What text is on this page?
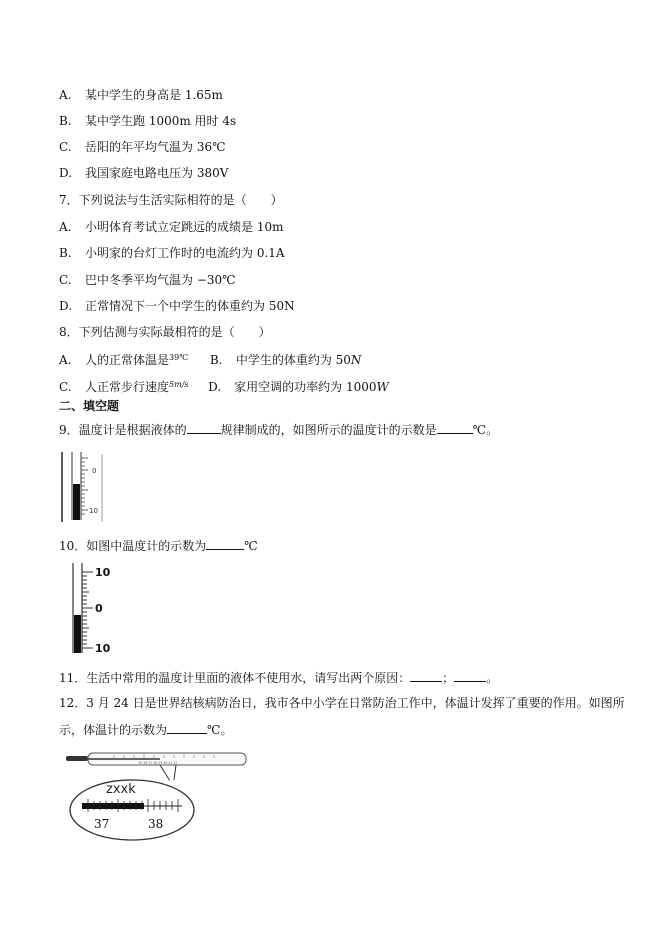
A. 某中学生的身高是 1.65m
B. 某中学生跑 1000m 用时 4s
C. 岳阳的年平均气温为 36℃
D. 我国家庭电路电压为 380V
7．下列说法与生活实际相符的是（　　）
A. 小明体育考试立定跳远的成绩是 10m
B. 小明家的台灯工作时的电流约为 0.1A
C. 巴中冬季平均气温为 −30℃
D. 正常情况下一个中学生的体重约为 50N
8．下列估测与实际最相符的是（　　）
A. 人的正常体温是$^{39℃}$ B. 中学生的体重约为 50N
C. 人正常步行速度$^{5m/s}$ D. 家用空调的功率约为 1000W
二、填空题
9．温度计是根据液体的	规律制成的，如图所示的温度计的示数是	℃。
0
10
10．如图中温度计的示数为	℃
10
0
10
11．生活中常用的温度计里面的液体不使用水，请写出两个原因：	；	。
12．3 月 24 日是世界结核病防治日，我市各中小学在日常防治工作中，体温计发挥了重要的作用。如图所
示，体温计的示数为	℃。
35 36 37 38 39 40 41 42
zxxk
37	38
